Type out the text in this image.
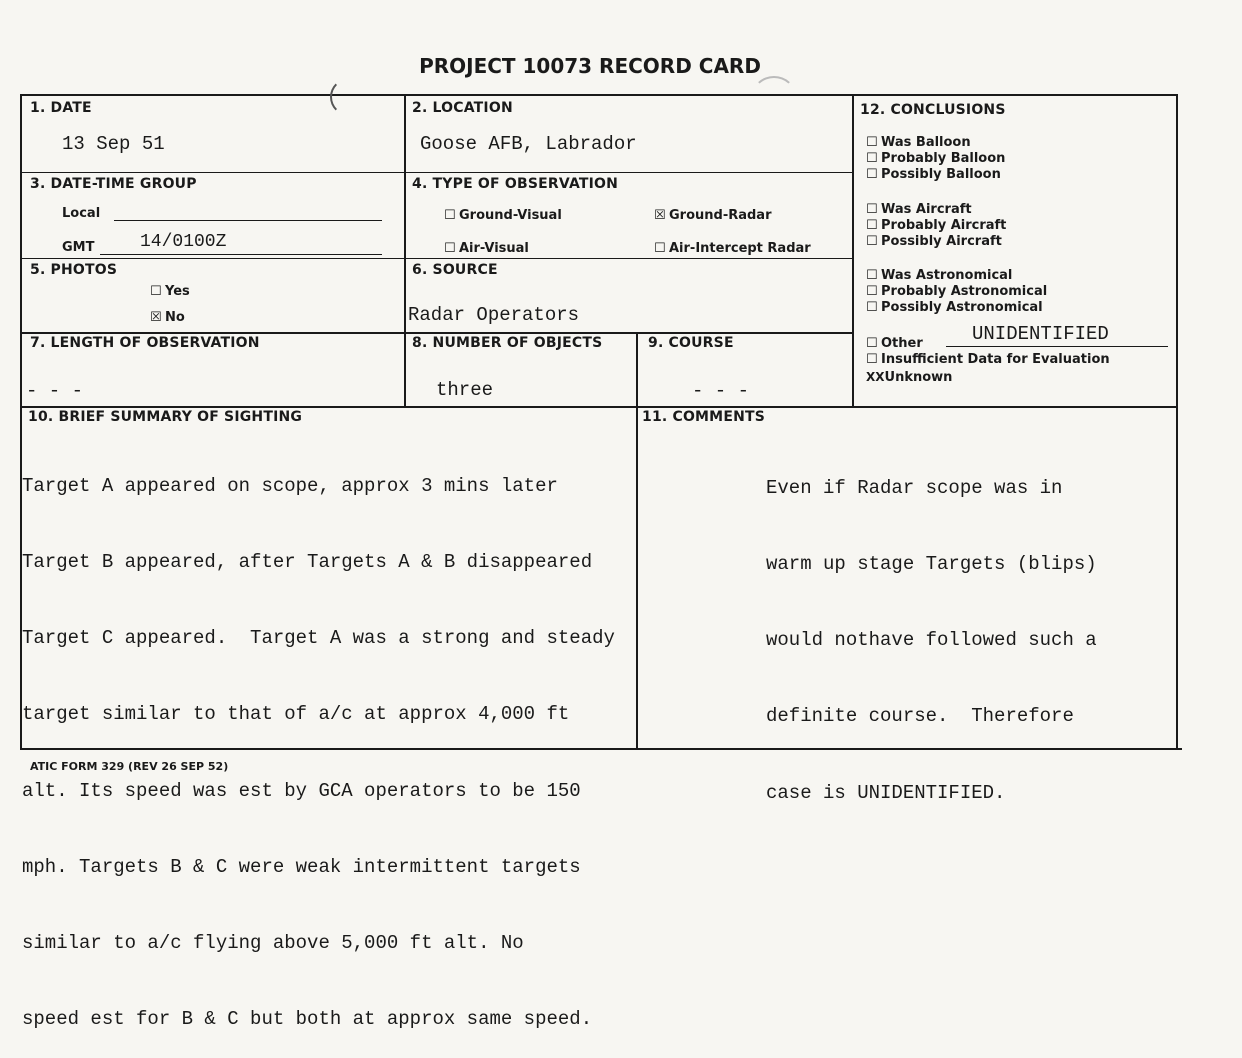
PROJECT 10073 RECORD CARD
1. DATE
13 Sep 51
2. LOCATION
Goose AFB, Labrador
3. DATE-TIME GROUP
Local
GMT	14/0100Z
4. TYPE OF OBSERVATION
☐ Ground-Visual	☒ Ground-Radar
☐ Air-Visual	☐ Air-Intercept Radar
5. PHOTOS
☐ Yes
☒ No
6. SOURCE
Radar Operators
7. LENGTH OF OBSERVATION
- - -
8. NUMBER OF OBJECTS
three
9. COURSE
- - -
12. CONCLUSIONS
☐ Was Balloon
☐ Probably Balloon
☐ Possibly Balloon
☐ Was Aircraft
☐ Probably Aircraft
☐ Possibly Aircraft
☐ Was Astronomical
☐ Probably Astronomical
☐ Possibly Astronomical
☐ Other	UNIDENTIFIED
☐ Insufficient Data for Evaluation
XXUnknown
10. BRIEF SUMMARY OF SIGHTING

Target A appeared on scope, approx 3 mins later

Target B appeared, after Targets A & B disappeared

Target C appeared.  Target A was a strong and steady

target similar to that of a/c at approx 4,000 ft

alt. Its speed was est by GCA operators to be 150

mph. Targets B & C were weak intermittent targets

similar to a/c flying above 5,000 ft alt. No

speed est for B & C but both at approx same speed.

11. COMMENTS

Even if Radar scope was in

warm up stage Targets (blips)

would nothave followed such a

definite course.  Therefore

case is UNIDENTIFIED.

ATIC FORM 329 (REV 26 SEP 52)
